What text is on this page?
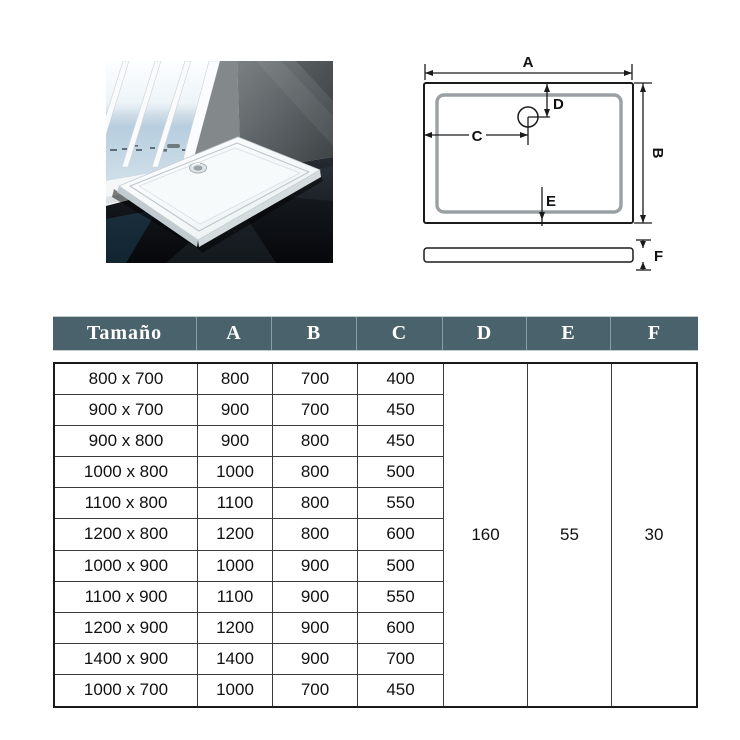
A
C
D
B
E
F
Tamaño	A	B	C	D	E	F
160	55	30
800 x 700	800	700	400
900 x 700	900	700	450
900 x 800	900	800	450
1000 x 800	1000	800	500
1100 x 800	1100	800	550
1200 x 800	1200	800	600
1000 x 900	1000	900	500
1100 x 900	1100	900	550
1200 x 900	1200	900	600
1400 x 900	1400	900	700
1000 x 700	1000	700	450
